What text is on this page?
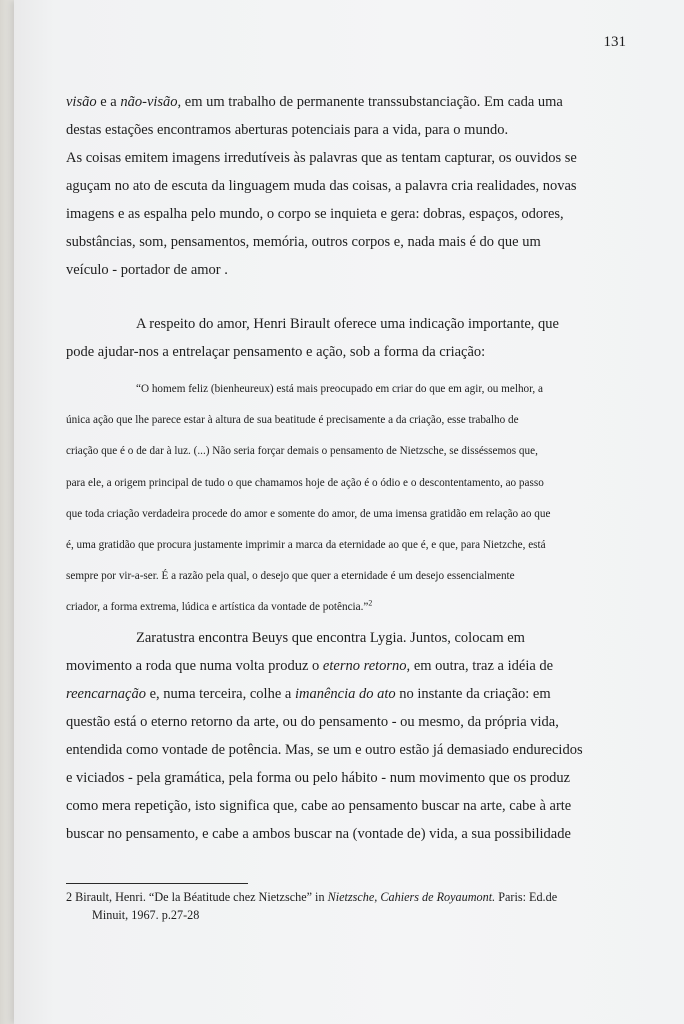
131

visão e a não-visão, em um trabalho de permanente transsubstanciação. Em cada uma
destas estações encontramos aberturas potenciais para a vida, para o mundo.
As coisas emitem imagens irredutíveis às palavras que as tentam capturar, os ouvidos se
aguçam no ato de escuta da linguagem muda das coisas, a palavra cria realidades, novas
imagens e as espalha pelo mundo, o corpo se inquieta e gera: dobras, espaços, odores,
substâncias, som, pensamentos, memória, outros corpos e, nada mais é do que um
veículo - portador de amor .

A respeito do amor, Henri Birault oferece uma indicação importante, que
pode ajudar-nos a entrelaçar pensamento e ação, sob a forma da criação:

“O homem feliz (bienheureux) está mais preocupado em criar do que em agir, ou melhor, a
única ação que lhe parece estar à altura de sua beatitude é precisamente a da criação, esse trabalho de
criação que é o de dar à luz. (...) Não seria forçar demais o pensamento de Nietzsche, se disséssemos que,
para ele, a origem principal de tudo o que chamamos hoje de ação é o ódio e o descontentamento, ao passo
que toda criação verdadeira procede do amor e somente do amor, de uma imensa gratidão em relação ao que
é, uma gratidão que procura justamente imprimir a marca da eternidade ao que é, e que, para Nietzche, está
sempre por vir-a-ser. É a razão pela qual, o desejo que quer a eternidade é um desejo essencialmente
criador, a forma extrema, lúdica e artística da vontade de potência.”$^2$

Zaratustra encontra Beuys que encontra Lygia. Juntos, colocam em
movimento a roda que numa volta produz o eterno retorno, em outra, traz a idéia de
reencarnação e, numa terceira, colhe a imanência do ato no instante da criação: em
questão está o eterno retorno da arte, ou do pensamento - ou mesmo, da própria vida,
entendida como vontade de potência. Mas, se um e outro estão já demasiado endurecidos
e viciados - pela gramática, pela forma ou pelo hábito - num movimento que os produz
como mera repetição, isto significa que, cabe ao pensamento buscar na arte, cabe à arte
buscar no pensamento, e cabe a ambos buscar na (vontade de) vida, a sua possibilidade

2 Birault, Henri. “De la Béatitude chez Nietzsche” in Nietzsche, Cahiers de Royaumont. Paris: Ed.de
Minuit, 1967. p.27-28
